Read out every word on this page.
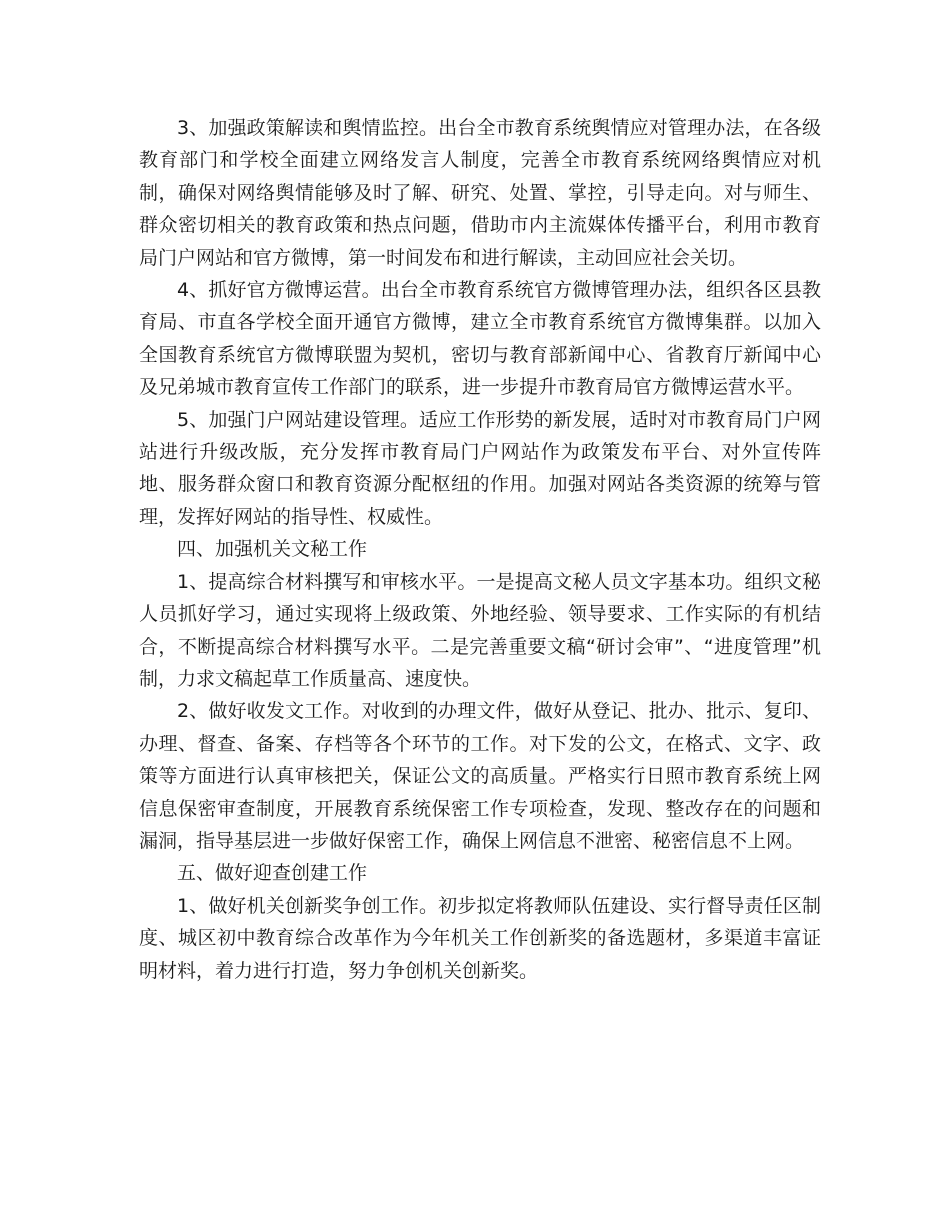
3、加强政策解读和舆情监控。出台全市教育系统舆情应对管理办法，在各级教育部门和学校全面建立网络发言人制度，完善全市教育系统网络舆情应对机制，确保对网络舆情能够及时了解、研究、处置、掌控，引导走向。对与师生、群众密切相关的教育政策和热点问题，借助市内主流媒体传播平台，利用市教育局门户网站和官方微博，第一时间发布和进行解读，主动回应社会关切。

4、抓好官方微博运营。出台全市教育系统官方微博管理办法，组织各区县教育局、市直各学校全面开通官方微博，建立全市教育系统官方微博集群。以加入全国教育系统官方微博联盟为契机，密切与教育部新闻中心、省教育厅新闻中心及兄弟城市教育宣传工作部门的联系，进一步提升市教育局官方微博运营水平。

5、加强门户网站建设管理。适应工作形势的新发展，适时对市教育局门户网站进行升级改版，充分发挥市教育局门户网站作为政策发布平台、对外宣传阵地、服务群众窗口和教育资源分配枢纽的作用。加强对网站各类资源的统筹与管理，发挥好网站的指导性、权威性。

四、加强机关文秘工作

1、提高综合材料撰写和审核水平。一是提高文秘人员文字基本功。组织文秘人员抓好学习，通过实现将上级政策、外地经验、领导要求、工作实际的有机结合，不断提高综合材料撰写水平。二是完善重要文稿“研讨会审”、“进度管理”机制，力求文稿起草工作质量高、速度快。

2、做好收发文工作。对收到的办理文件，做好从登记、批办、批示、复印、办理、督查、备案、存档等各个环节的工作。对下发的公文，在格式、文字、政策等方面进行认真审核把关，保证公文的高质量。严格实行日照市教育系统上网信息保密审查制度，开展教育系统保密工作专项检查，发现、整改存在的问题和漏洞，指导基层进一步做好保密工作，确保上网信息不泄密、秘密信息不上网。

五、做好迎查创建工作

1、做好机关创新奖争创工作。初步拟定将教师队伍建设、实行督导责任区制度、城区初中教育综合改革作为今年机关工作创新奖的备选题材，多渠道丰富证明材料，着力进行打造，努力争创机关创新奖。
